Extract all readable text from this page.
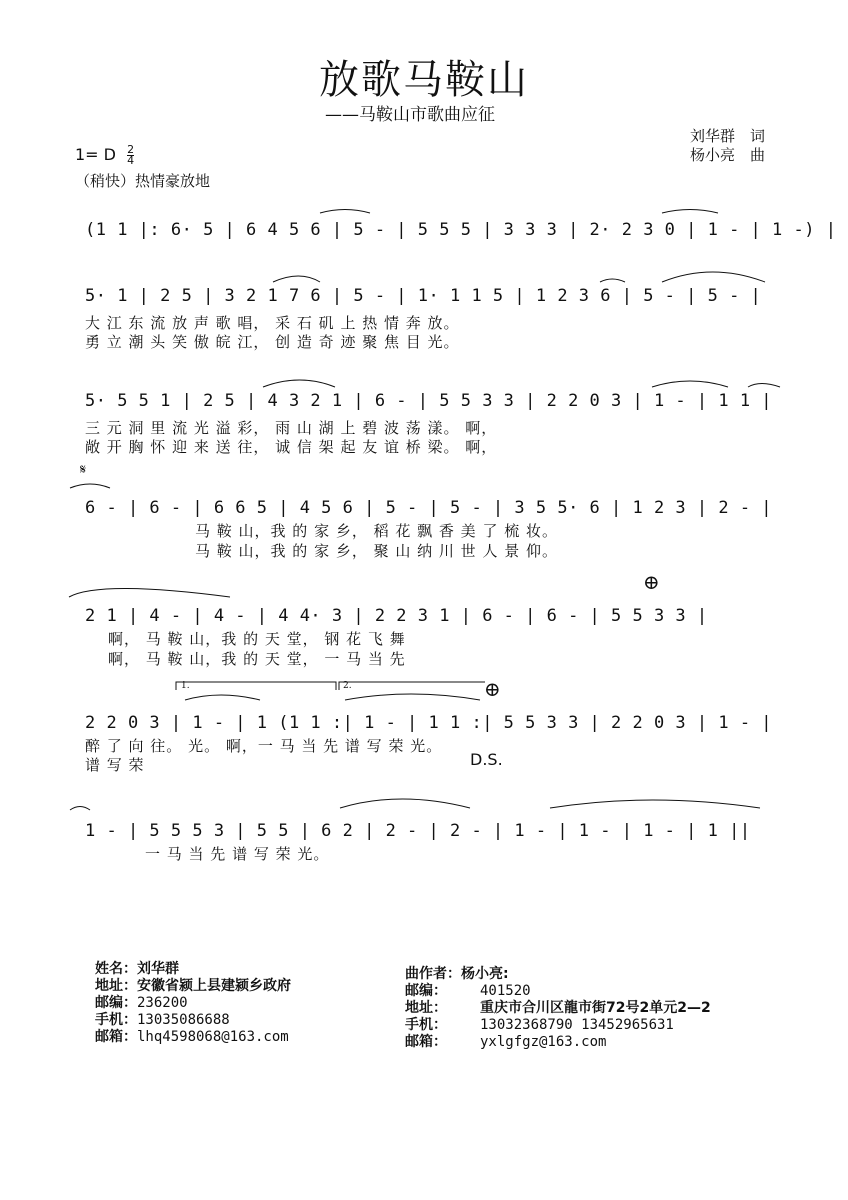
放歌马鞍山
——马鞍山市歌曲应征
刘华群　词
杨小亮　曲
1= D $\frac{2}{4}$
（稍快）热情豪放地
(1 1 |: 6· 5 | 6 4 5 6 | 5 - | 5 5 5 | 3 3 3 | 2· 2 3 0 | 1 - | 1 -) |
5· 1 | 2 5 | 3 2 1 7 6 | 5 - | 1· 1 1 5 | 1 2 3 6 | 5 - | 5 - |
大 江 东 流 放 声 歌 唱， 采 石 矶 上 热 情 奔 放。
勇 立 潮 头 笑 傲 皖 江， 创 造 奇 迹 聚 焦 目 光。
5· 5 5 1 | 2 5 | 4 3 2 1 | 6 - | 5 5 3 3 | 2 2 0 3 | 1 - | 1 1 |
三 元 洞 里 流 光 溢 彩， 雨 山 湖 上 碧 波 荡 漾。 啊，
敞 开 胸 怀 迎 来 送 往， 诚 信 架 起 友 谊 桥 梁。 啊，
𝄋
6 - | 6 - | 6 6 5 | 4 5 6 | 5 - | 5 - | 3 5 5· 6 | 1 2 3 | 2 - |
马 鞍 山，我 的 家 乡， 稻 花 飘 香 美 了 梳 妆。
马 鞍 山，我 的 家 乡， 聚 山 纳 川 世 人 景 仰。
⊕
2 1 | 4 - | 4 - | 4 4· 3 | 2 2 3 1 | 6 - | 6 - | 5 5 3 3 |
啊， 马 鞍 山，我 的 天 堂， 钢 花 飞 舞
啊， 马 鞍 山，我 的 天 堂， 一 马 当 先
1.	2.	⊕
2 2 0 3 | 1 - | 1 (1 1 :| 1 - | 1 1 :| 5 5 3 3 | 2 2 0 3 | 1 - |
醉 了 向 往。 光。 啊，一 马 当 先 谱 写 荣 光。
谱 写 荣	D.S.
1 - | 5 5 5 3 | 5 5 | 6 2 | 2 - | 2 - | 1 - | 1 - | 1 - | 1 ||
一 马 当 先 谱 写 荣 光。
姓名：刘华群
地址：安徽省颍上县建颍乡政府
邮编：236200
手机：13035086688
邮箱：lhq4598068@163.com
曲作者：杨小亮:
邮编： 401520
地址： 重庆市合川区龍市街72号2单元2—2
手机： 13032368790 13452965631
邮箱： yxlgfgz@163.com
